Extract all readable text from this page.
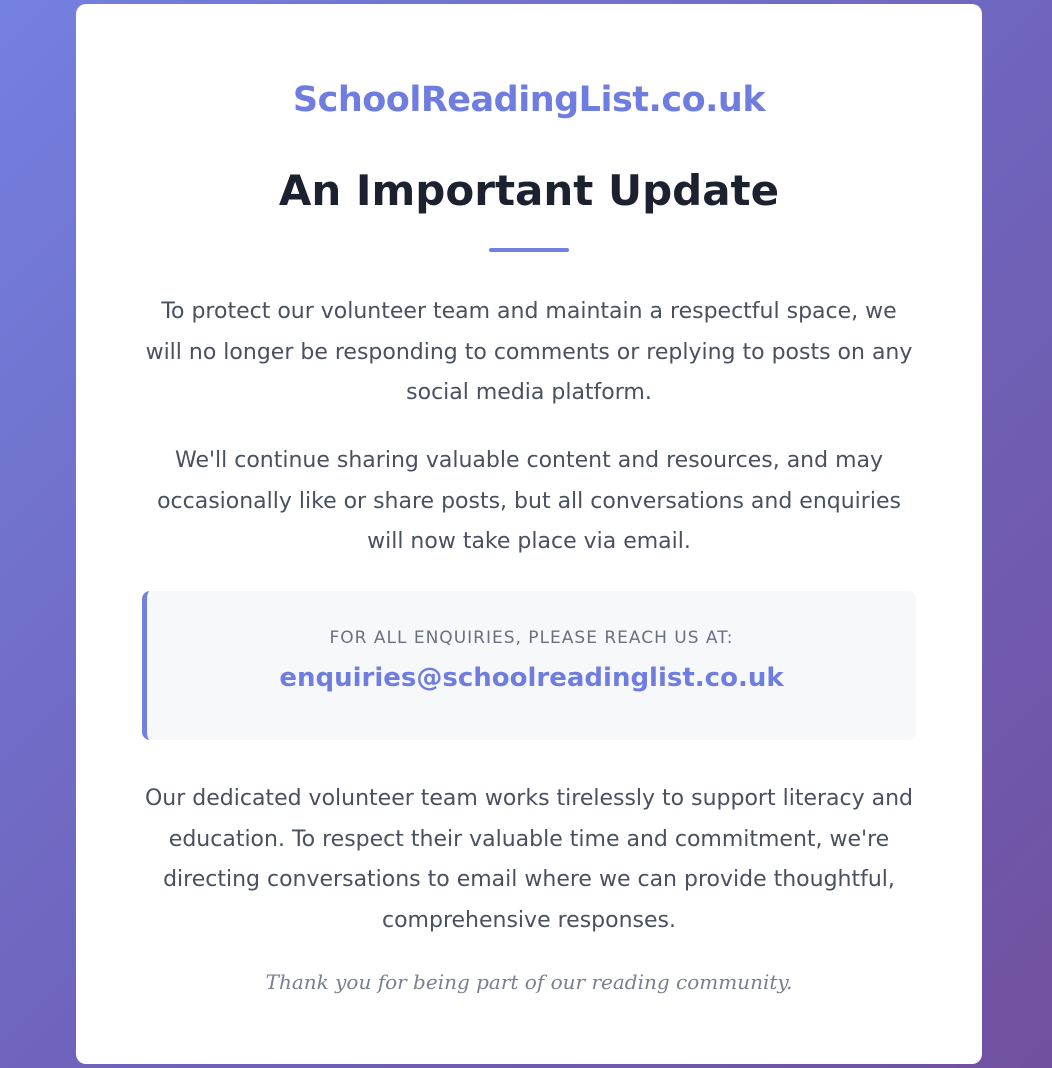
SchoolReadingList.co.uk
An Important Update

To protect our volunteer team and maintain a respectful space, we will no longer be responding to comments or replying to posts on any social media platform.

We'll continue sharing valuable content and resources, and may occasionally like or share posts, but all conversations and enquiries will now take place via email.

FOR ALL ENQUIRIES, PLEASE REACH US AT:
enquiries@schoolreadinglist.co.uk

Our dedicated volunteer team works tirelessly to support literacy and education. To respect their valuable time and commitment, we're directing conversations to email where we can provide thoughtful, comprehensive responses.

Thank you for being part of our reading community.
